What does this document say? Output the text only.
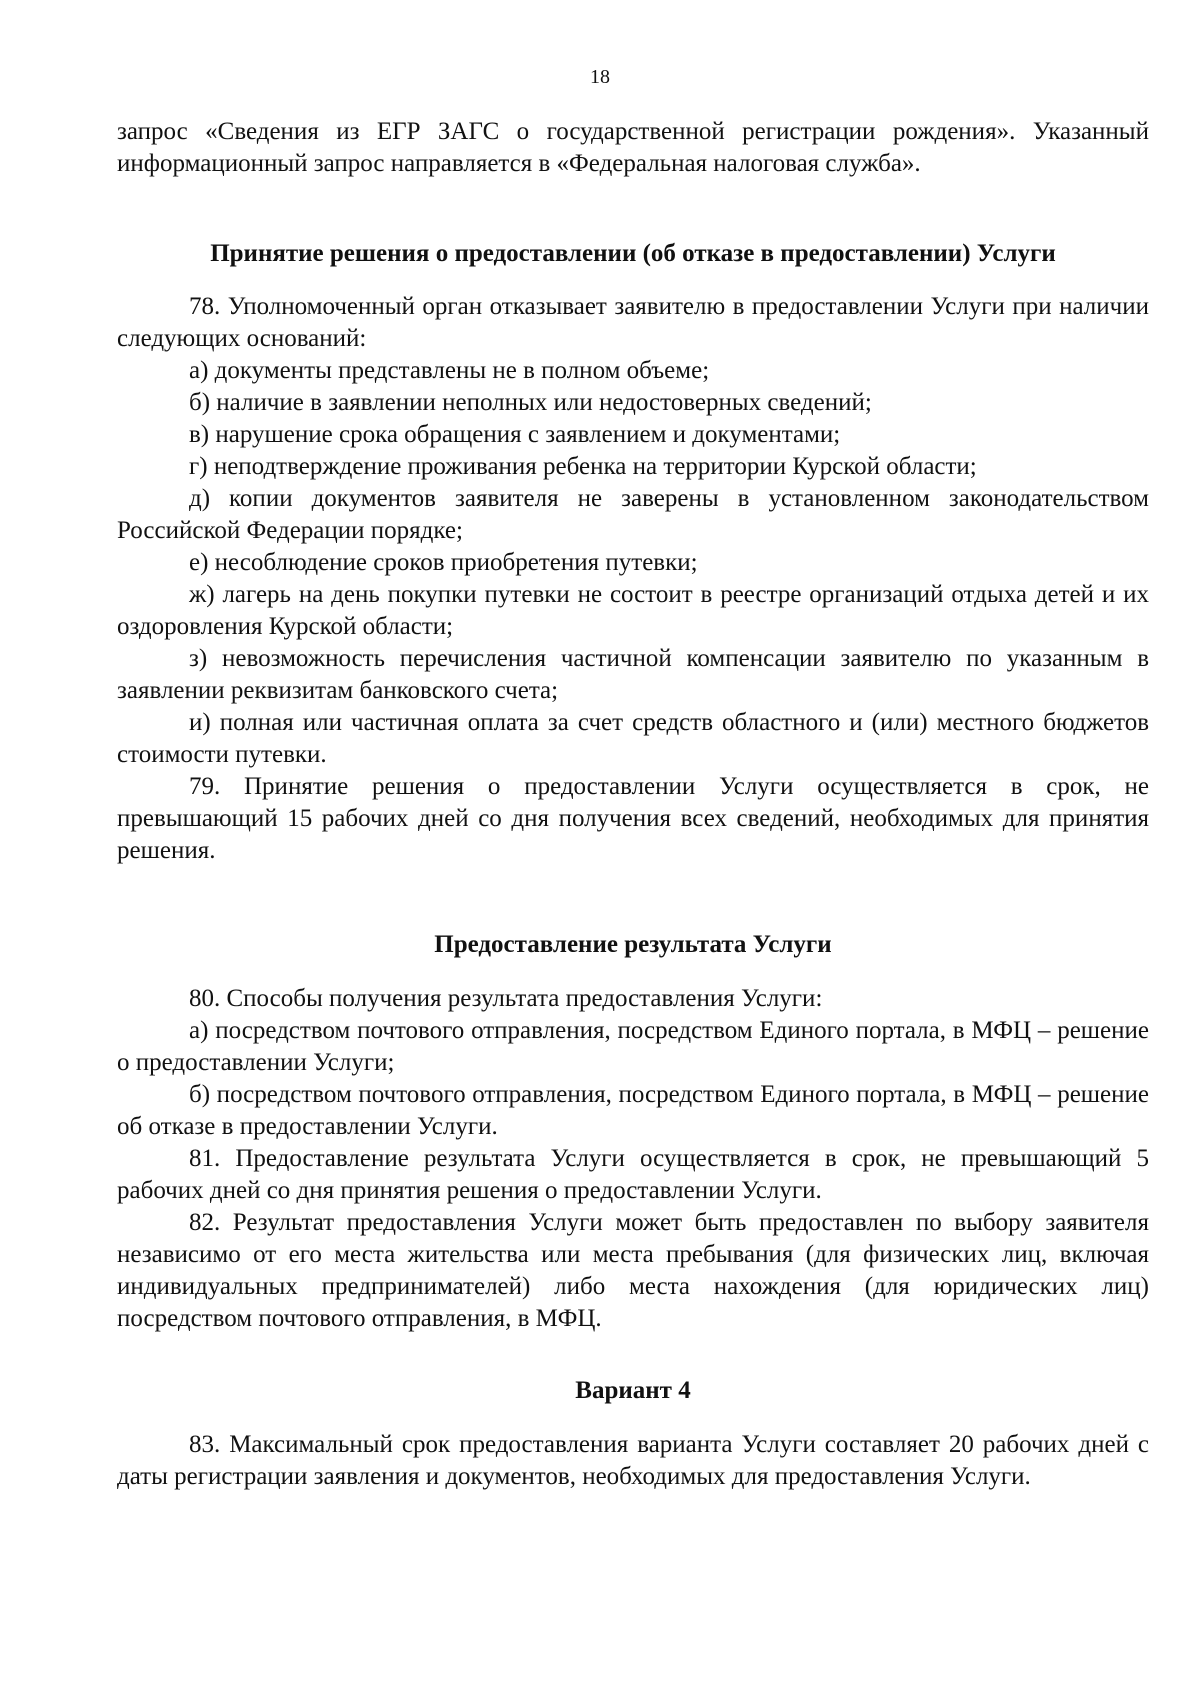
18

запрос «Сведения из ЕГР ЗАГС о государственной регистрации рождения». Указанный информационный запрос направляется в «Федеральная налоговая служба».

Принятие решения о предоставлении (об отказе в предоставлении) Услуги

78. Уполномоченный орган отказывает заявителю в предоставлении Услуги при наличии следующих оснований:

а) документы представлены не в полном объеме;

б) наличие в заявлении неполных или недостоверных сведений;

в) нарушение срока обращения с заявлением и документами;

г) неподтверждение проживания ребенка на территории Курской области;

д) копии документов заявителя не заверены в установленном законодательством Российской Федерации порядке;

е) несоблюдение сроков приобретения путевки;

ж) лагерь на день покупки путевки не состоит в реестре организаций отдыха детей и их оздоровления Курской области;

з) невозможность перечисления частичной компенсации заявителю по указанным в заявлении реквизитам банковского счета;

и) полная или частичная оплата за счет средств областного и (или) местного бюджетов стоимости путевки.

79. Принятие решения о предоставлении Услуги осуществляется в срок, не превышающий 15 рабочих дней со дня получения всех сведений, необходимых для принятия решения.

Предоставление результата Услуги

80. Способы получения результата предоставления Услуги:

а) посредством почтового отправления, посредством Единого портала, в МФЦ – решение о предоставлении Услуги;

б) посредством почтового отправления, посредством Единого портала, в МФЦ – решение об отказе в предоставлении Услуги.

81. Предоставление результата Услуги осуществляется в срок, не превышающий 5 рабочих дней со дня принятия решения о предоставлении Услуги.

82. Результат предоставления Услуги может быть предоставлен по выбору заявителя независимо от его места жительства или места пребывания (для физических лиц, включая индивидуальных предпринимателей) либо места нахождения (для юридических лиц) посредством почтового отправления, в МФЦ.

Вариант 4

83. Максимальный срок предоставления варианта Услуги составляет 20 рабочих дней с даты регистрации заявления и документов, необходимых для предоставления Услуги.
